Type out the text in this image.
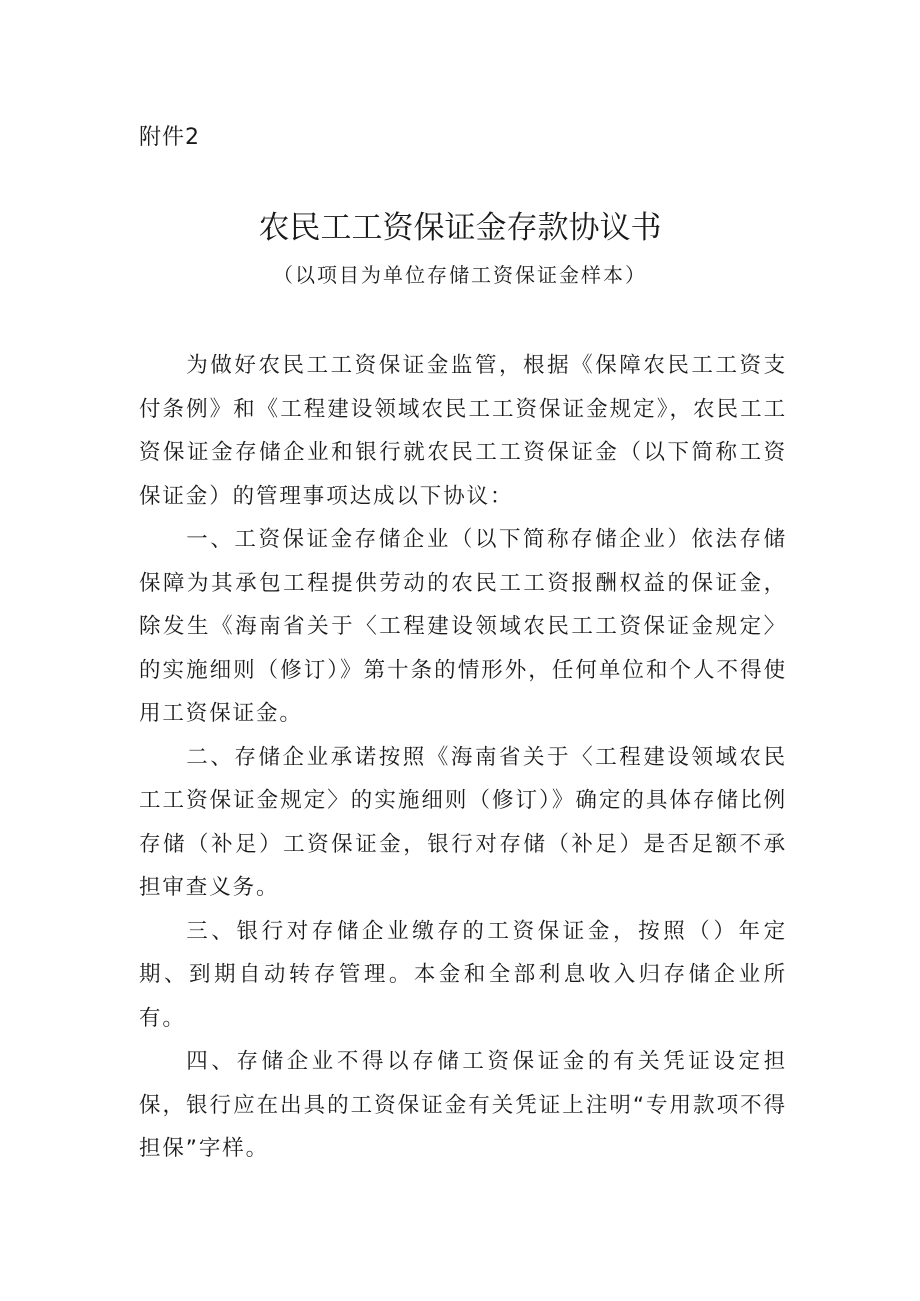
附件2
农民工工资保证金存款协议书
（以项目为单位存储工资保证金样本）

为做好农民工工资保证金监管，根据《保障农民工工资支付条例》和《工程建设领域农民工工资保证金规定》，农民工工资保证金存储企业和银行就农民工工资保证金（以下简称工资保证金）的管理事项达成以下协议：

一、工资保证金存储企业（以下简称存储企业）依法存储保障为其承包工程提供劳动的农民工工资报酬权益的保证金，除发生《海南省关于〈工程建设领域农民工工资保证金规定〉的实施细则（修订）》第十条的情形外，任何单位和个人不得使用工资保证金。

二、存储企业承诺按照《海南省关于〈工程建设领域农民工工资保证金规定〉的实施细则（修订）》确定的具体存储比例存储（补足）工资保证金，银行对存储（补足）是否足额不承担审查义务。

三、银行对存储企业缴存的工资保证金，按照（）年定期、到期自动转存管理。本金和全部利息收入归存储企业所有。

四、存储企业不得以存储工资保证金的有关凭证设定担保，银行应在出具的工资保证金有关凭证上注明“专用款项不得担保”字样。
